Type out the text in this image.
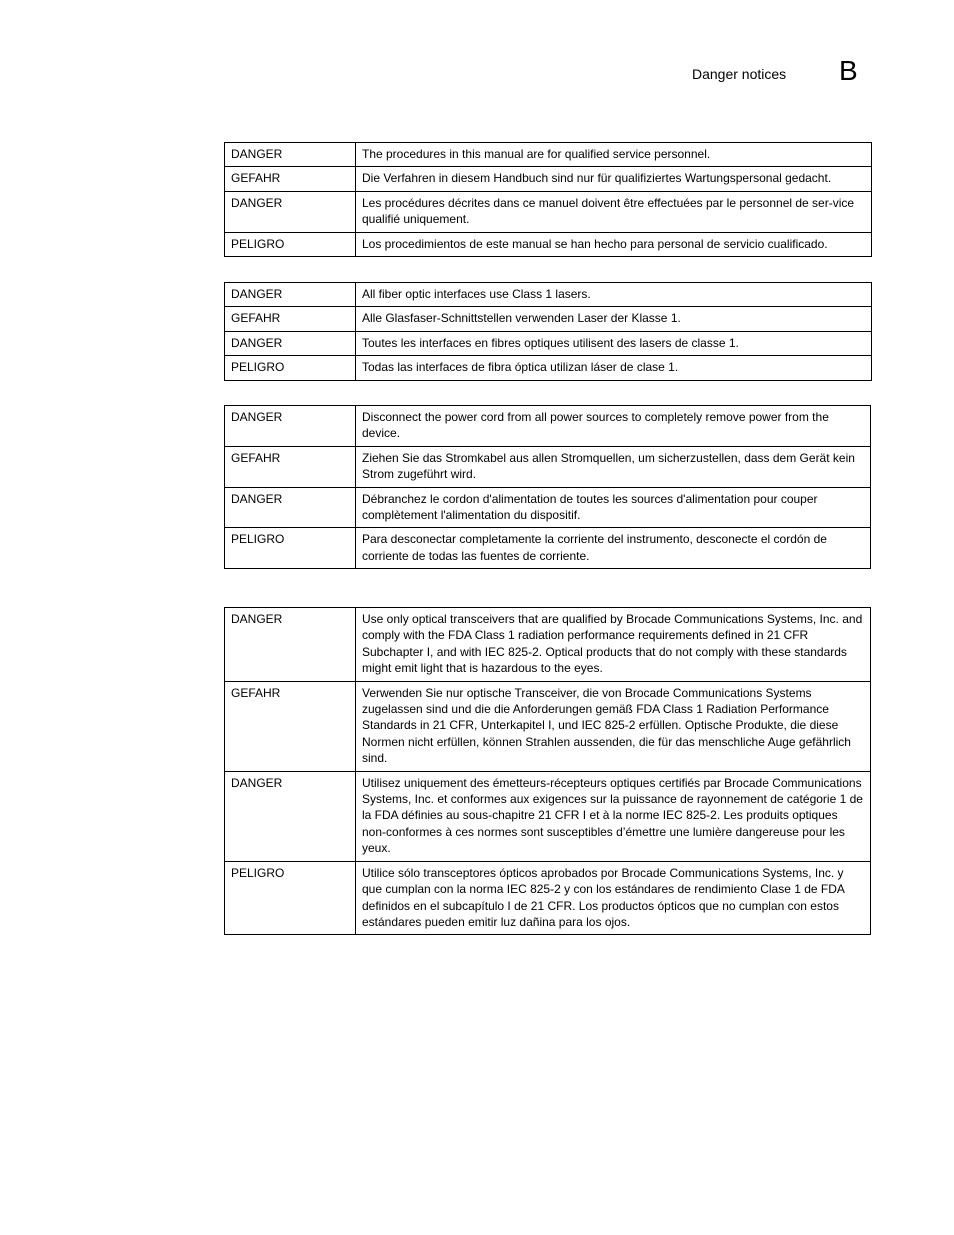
Danger notices B
DANGER	The procedures in this manual are for qualified service personnel.
GEFAHR	Die Verfahren in diesem Handbuch sind nur für qualifiziertes Wartungspersonal gedacht.
DANGER	Les procédures décrites dans ce manuel doivent être effectuées par le personnel de ser-vice qualifié uniquement.
PELIGRO	Los procedimientos de este manual se han hecho para personal de servicio cualificado.
DANGER	All fiber optic interfaces use Class 1 lasers.
GEFAHR	Alle Glasfaser-Schnittstellen verwenden Laser der Klasse 1.
DANGER	Toutes les interfaces en fibres optiques utilisent des lasers de classe 1.
PELIGRO	Todas las interfaces de fibra óptica utilizan láser de clase 1.
DANGER	Disconnect the power cord from all power sources to completely remove power from the device.
GEFAHR	Ziehen Sie das Stromkabel aus allen Stromquellen, um sicherzustellen, dass dem Gerät kein Strom zugeführt wird.
DANGER	Débranchez le cordon d'alimentation de toutes les sources d'alimentation pour couper complètement l'alimentation du dispositif.
PELIGRO	Para desconectar completamente la corriente del instrumento, desconecte el cordón de corriente de todas las fuentes de corriente.
DANGER	Use only optical transceivers that are qualified by Brocade Communications Systems, Inc. and comply with the FDA Class 1 radiation performance requirements defined in 21 CFR Subchapter I, and with IEC 825-2. Optical products that do not comply with these standards might emit light that is hazardous to the eyes.
GEFAHR	Verwenden Sie nur optische Transceiver, die von Brocade Communications Systems zugelassen sind und die die Anforderungen gemäß FDA Class 1 Radiation Performance Standards in 21 CFR, Unterkapitel I, und IEC 825-2 erfüllen. Optische Produkte, die diese Normen nicht erfüllen, können Strahlen aussenden, die für das menschliche Auge gefährlich sind.
DANGER	Utilisez uniquement des émetteurs-récepteurs optiques certifiés par Brocade Communications Systems, Inc. et conformes aux exigences sur la puissance de rayonnement de catégorie 1 de la FDA définies au sous-chapitre 21 CFR I et à la norme IEC 825-2. Les produits optiques non-conformes à ces normes sont susceptibles d’émettre une lumière dangereuse pour les yeux.
PELIGRO	Utilice sólo transceptores ópticos aprobados por Brocade Communications Systems, Inc. y que cumplan con la norma IEC 825-2 y con los estándares de rendimiento Clase 1 de FDA definidos en el subcapítulo I de 21 CFR. Los productos ópticos que no cumplan con estos estándares pueden emitir luz dañina para los ojos.
